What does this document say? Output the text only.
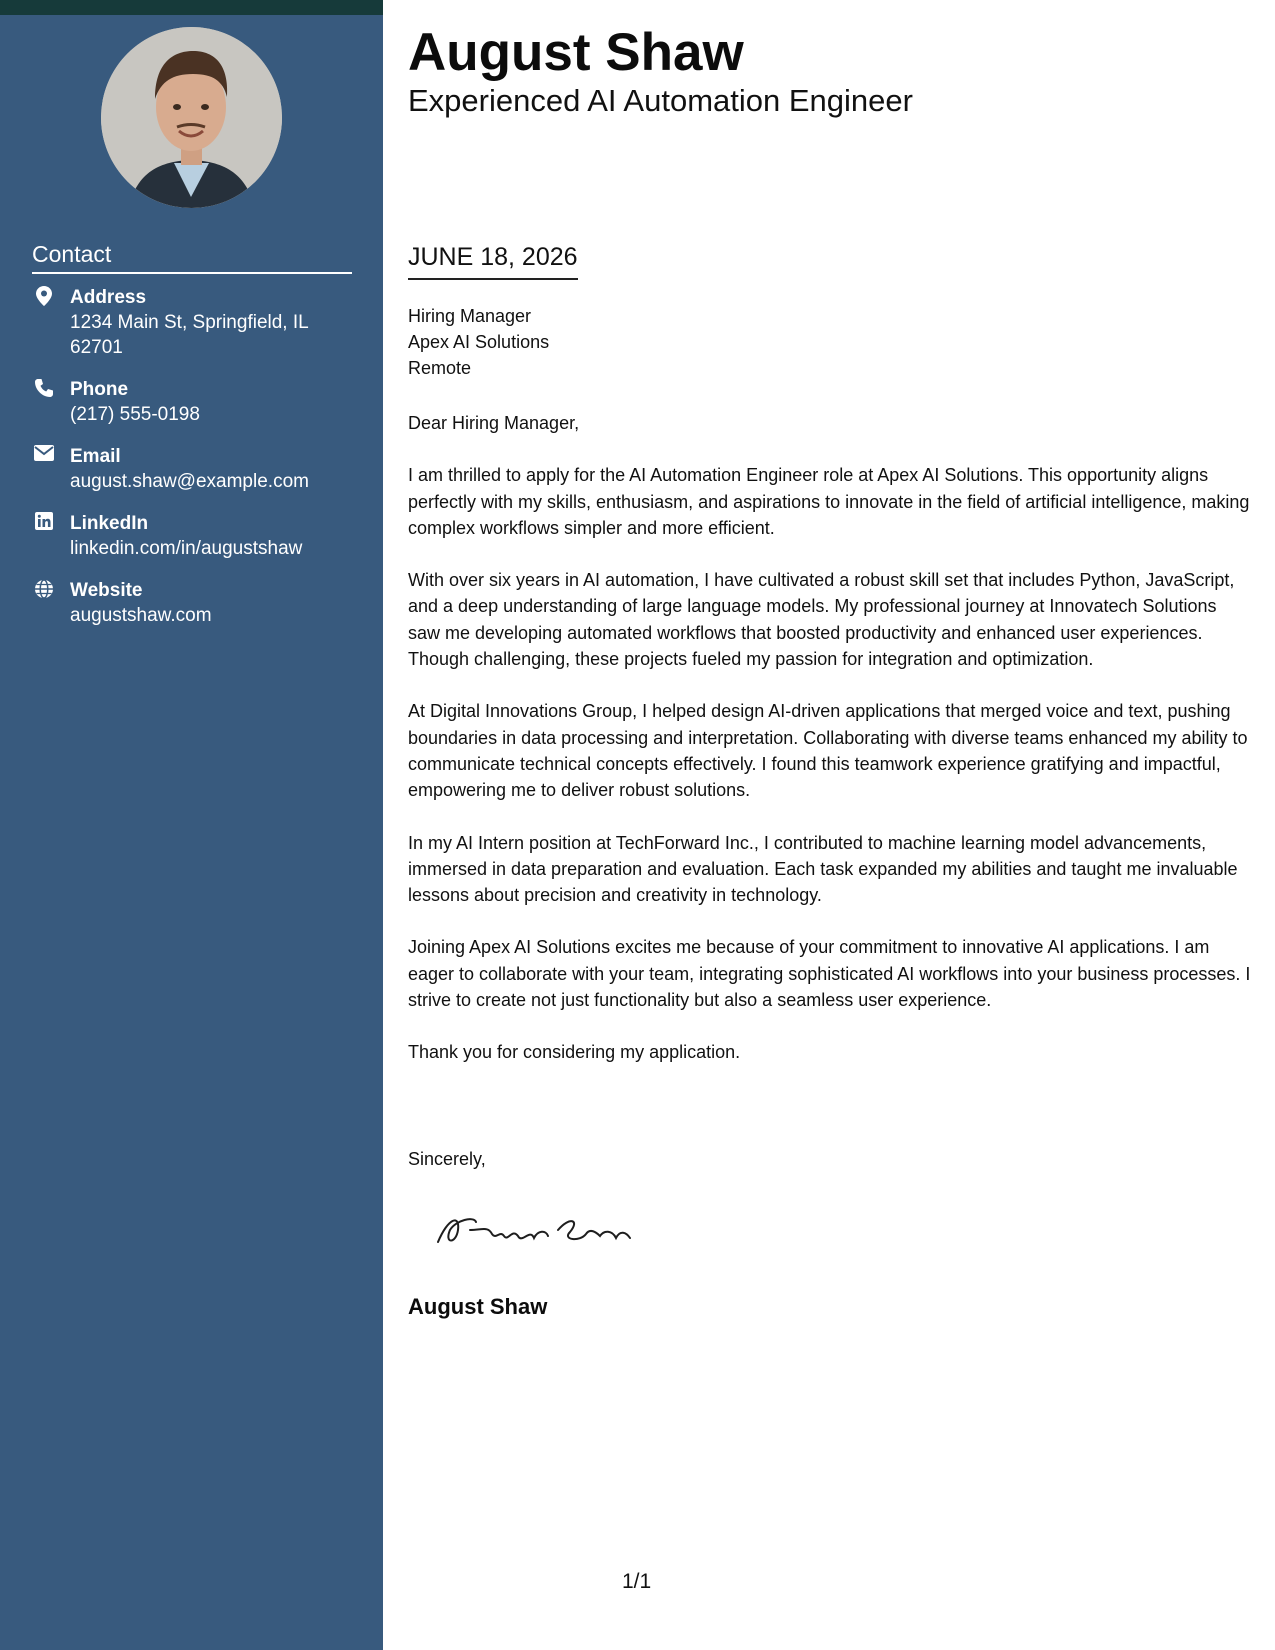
Contact
Address
1234 Main St, Springfield, IL 62701
Phone
(217) 555-0198
Email
august.shaw@example.com
LinkedIn
linkedin.com/in/augustshaw
Website
augustshaw.com
August Shaw
Experienced AI Automation Engineer
JUNE 18, 2026
Hiring Manager
Apex AI Solutions
Remote

Dear Hiring Manager,

I am thrilled to apply for the AI Automation Engineer role at Apex AI Solutions. This opportunity aligns perfectly with my skills, enthusiasm, and aspirations to innovate in the field of artificial intelligence, making complex workflows simpler and more efficient.

With over six years in AI automation, I have cultivated a robust skill set that includes Python, JavaScript, and a deep understanding of large language models. My professional journey at Innovatech Solutions saw me developing automated workflows that boosted productivity and enhanced user experiences. Though challenging, these projects fueled my passion for integration and optimization.

At Digital Innovations Group, I helped design AI-driven applications that merged voice and text, pushing boundaries in data processing and interpretation. Collaborating with diverse teams enhanced my ability to communicate technical concepts effectively. I found this teamwork experience gratifying and impactful, empowering me to deliver robust solutions.

In my AI Intern position at TechForward Inc., I contributed to machine learning model advancements, immersed in data preparation and evaluation. Each task expanded my abilities and taught me invaluable lessons about precision and creativity in technology.

Joining Apex AI Solutions excites me because of your commitment to innovative AI applications. I am eager to collaborate with your team, integrating sophisticated AI workflows into your business processes. I strive to create not just functionality but also a seamless user experience.

Thank you for considering my application.

Sincerely,
August Shaw
1/1
